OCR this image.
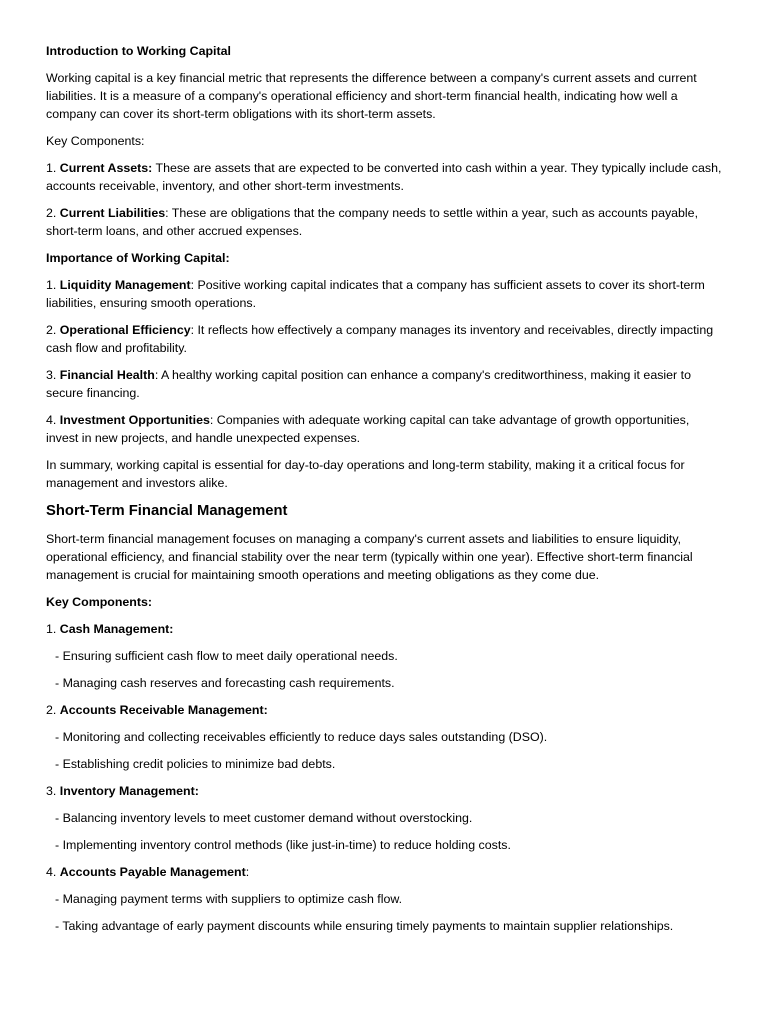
Introduction to Working Capital

Working capital is a key financial metric that represents the difference between a company's current assets and current liabilities. It is a measure of a company's operational efficiency and short-term financial health, indicating how well a company can cover its short-term obligations with its short-term assets.

Key Components:

1. Current Assets: These are assets that are expected to be converted into cash within a year. They typically include cash, accounts receivable, inventory, and other short-term investments.

2. Current Liabilities: These are obligations that the company needs to settle within a year, such as accounts payable, short-term loans, and other accrued expenses.

Importance of Working Capital:

1. Liquidity Management: Positive working capital indicates that a company has sufficient assets to cover its short-term liabilities, ensuring smooth operations.

2. Operational Efficiency: It reflects how effectively a company manages its inventory and receivables, directly impacting cash flow and profitability.

3. Financial Health: A healthy working capital position can enhance a company's creditworthiness, making it easier to secure financing.

4. Investment Opportunities: Companies with adequate working capital can take advantage of growth opportunities, invest in new projects, and handle unexpected expenses.

In summary, working capital is essential for day-to-day operations and long-term stability, making it a critical focus for management and investors alike.

Short-Term Financial Management

Short-term financial management focuses on managing a company's current assets and liabilities to ensure liquidity, operational efficiency, and financial stability over the near term (typically within one year). Effective short-term financial management is crucial for maintaining smooth operations and meeting obligations as they come due.

Key Components:

1. Cash Management:

- Ensuring sufficient cash flow to meet daily operational needs.

- Managing cash reserves and forecasting cash requirements.

2. Accounts Receivable Management:

- Monitoring and collecting receivables efficiently to reduce days sales outstanding (DSO).

- Establishing credit policies to minimize bad debts.

3. Inventory Management:

- Balancing inventory levels to meet customer demand without overstocking.

- Implementing inventory control methods (like just-in-time) to reduce holding costs.

4. Accounts Payable Management:

- Managing payment terms with suppliers to optimize cash flow.

- Taking advantage of early payment discounts while ensuring timely payments to maintain supplier relationships.
